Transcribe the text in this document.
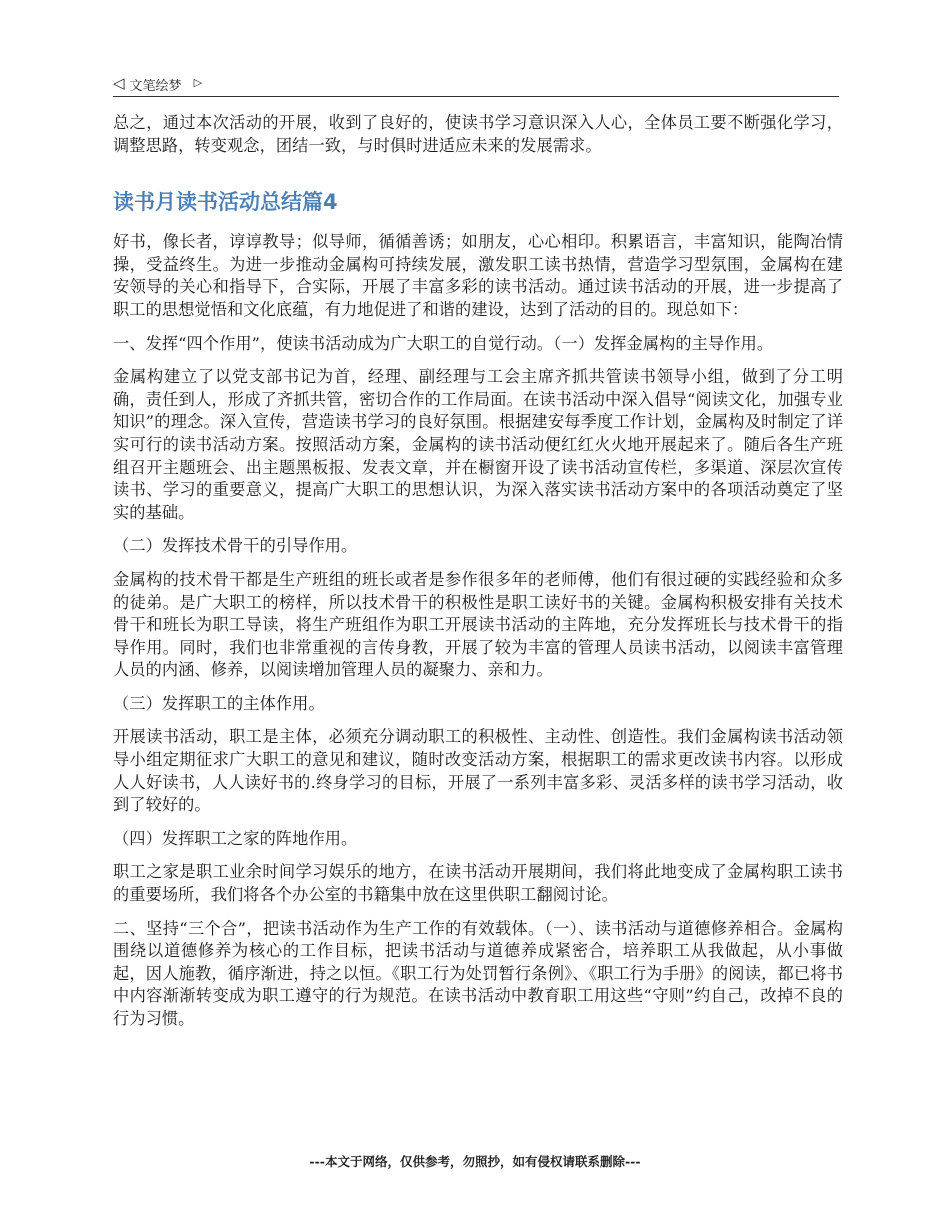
◁ 文笔绘梦 ▷

总之，通过本次活动的开展，收到了良好的，使读书学习意识深入人心，全体员工要不断强化学习，调整思路，转变观念，团结一致，与时俱时进适应未来的发展需求。

读书月读书活动总结篇4

好书，像长者，谆谆教导；似导师，循循善诱；如朋友，心心相印。积累语言，丰富知识，能陶冶情操，受益终生。为进一步推动金属构可持续发展，激发职工读书热情，营造学习型氛围，金属构在建安领导的关心和指导下，合实际，开展了丰富多彩的读书活动。通过读书活动的开展，进一步提高了职工的思想觉悟和文化底蕴，有力地促进了和谐的建设，达到了活动的目的。现总如下：

一、发挥“四个作用”，使读书活动成为广大职工的自觉行动。（一）发挥金属构的主导作用。

金属构建立了以党支部书记为首，经理、副经理与工会主席齐抓共管读书领导小组，做到了分工明确，责任到人，形成了齐抓共管，密切合作的工作局面。在读书活动中深入倡导“阅读文化，加强专业知识”的理念。深入宣传，营造读书学习的良好氛围。根据建安每季度工作计划，金属构及时制定了详实可行的读书活动方案。按照活动方案，金属构的读书活动便红红火火地开展起来了。随后各生产班组召开主题班会、出主题黑板报、发表文章，并在橱窗开设了读书活动宣传栏，多渠道、深层次宣传读书、学习的重要意义，提高广大职工的思想认识，为深入落实读书活动方案中的各项活动奠定了坚实的基础。

（二）发挥技术骨干的引导作用。

金属构的技术骨干都是生产班组的班长或者是参作很多年的老师傅，他们有很过硬的实践经验和众多的徒弟。是广大职工的榜样，所以技术骨干的积极性是职工读好书的关键。金属构积极安排有关技术骨干和班长为职工导读，将生产班组作为职工开展读书活动的主阵地，充分发挥班长与技术骨干的指导作用。同时，我们也非常重视的言传身教，开展了较为丰富的管理人员读书活动，以阅读丰富管理人员的内涵、修养，以阅读增加管理人员的凝聚力、亲和力。

（三）发挥职工的主体作用。

开展读书活动，职工是主体，必须充分调动职工的积极性、主动性、创造性。我们金属构读书活动领导小组定期征求广大职工的意见和建议，随时改变活动方案，根据职工的需求更改读书内容。以形成人人好读书，人人读好书的.终身学习的目标，开展了一系列丰富多彩、灵活多样的读书学习活动，收到了较好的。

（四）发挥职工之家的阵地作用。

职工之家是职工业余时间学习娱乐的地方，在读书活动开展期间，我们将此地变成了金属构职工读书的重要场所，我们将各个办公室的书籍集中放在这里供职工翻阅讨论。

二、坚持“三个合”，把读书活动作为生产工作的有效载体。（一）、读书活动与道德修养相合。金属构围绕以道德修养为核心的工作目标，把读书活动与道德养成紧密合，培养职工从我做起，从小事做起，因人施教，循序渐进，持之以恒。《职工行为处罚暂行条例》、《职工行为手册》的阅读，都已将书中内容渐渐转变成为职工遵守的行为规范。在读书活动中教育职工用这些“守则”约自己，改掉不良的行为习惯。

---本文于网络，仅供参考，勿照抄，如有侵权请联系删除---
